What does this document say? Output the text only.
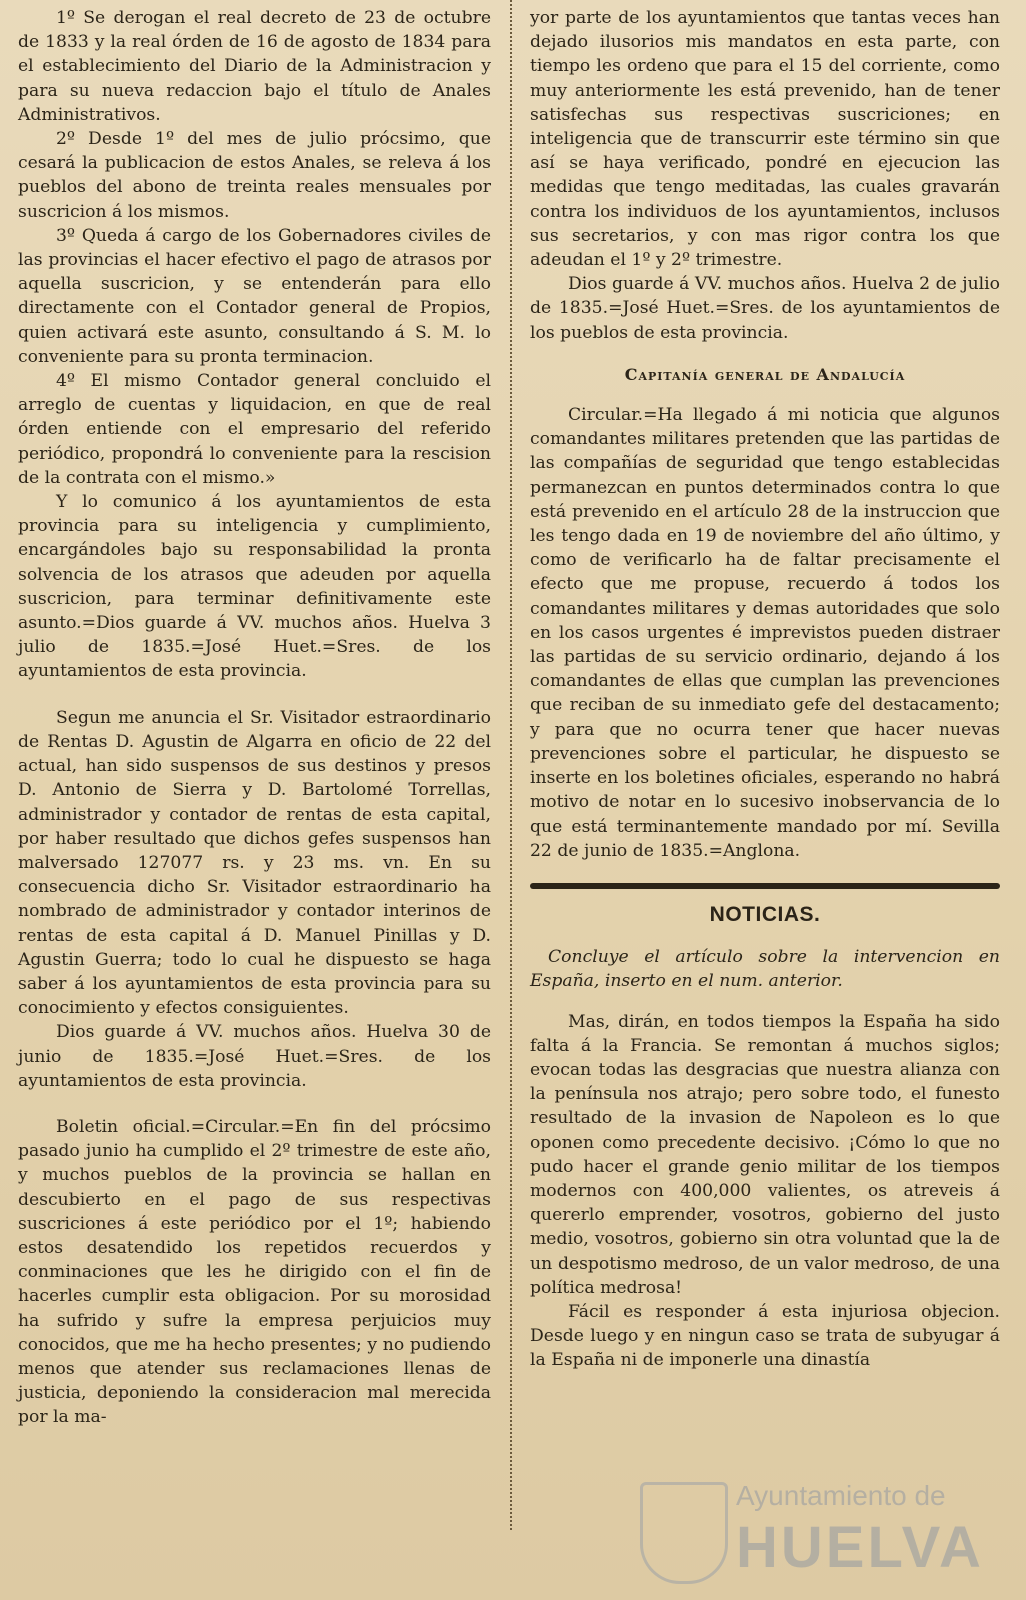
1º Se derogan el real decreto de 23 de octubre de 1833 y la real órden de 16 de agosto de 1834 para el establecimiento del Diario de la Administracion y para su nueva redaccion bajo el título de Anales Administrativos.

2º Desde 1º del mes de julio prócsimo, que cesará la publicacion de estos Anales, se releva á los pueblos del abono de treinta reales mensuales por suscricion á los mismos.

3º Queda á cargo de los Gobernadores civiles de las provincias el hacer efectivo el pago de atrasos por aquella suscricion, y se entenderán para ello directamente con el Contador general de Propios, quien activará este asunto, consultando á S. M. lo conveniente para su pronta terminacion.

4º El mismo Contador general concluido el arreglo de cuentas y liquidacion, en que de real órden entiende con el empresario del referido periódico, propondrá lo conveniente para la rescision de la contrata con el mismo.»

Y lo comunico á los ayuntamientos de esta provincia para su inteligencia y cumplimiento, encargándoles bajo su responsabilidad la pronta solvencia de los atrasos que adeuden por aquella suscricion, para terminar definitivamente este asunto.=Dios guarde á VV. muchos años. Huelva 3 julio de 1835.=José Huet.=Sres. de los ayuntamientos de esta provincia.

Segun me anuncia el Sr. Visitador estraordinario de Rentas D. Agustin de Algarra en oficio de 22 del actual, han sido suspensos de sus destinos y presos D. Antonio de Sierra y D. Bartolomé Torrellas, administrador y contador de rentas de esta capital, por haber resultado que dichos gefes suspensos han malversado 127077 rs. y 23 ms. vn. En su consecuencia dicho Sr. Visitador estraordinario ha nombrado de administrador y contador interinos de rentas de esta capital á D. Manuel Pinillas y D. Agustin Guerra; todo lo cual he dispuesto se haga saber á los ayuntamientos de esta provincia para su conocimiento y efectos consiguientes.

Dios guarde á VV. muchos años. Huelva 30 de junio de 1835.=José Huet.=Sres. de los ayuntamientos de esta provincia.

Boletin oficial.=Circular.=En fin del prócsimo pasado junio ha cumplido el 2º trimestre de este año, y muchos pueblos de la provincia se hallan en descubierto en el pago de sus respectivas suscriciones á este periódico por el 1º; habiendo estos desatendido los repetidos recuerdos y conminaciones que les he dirigido con el fin de hacerles cumplir esta obligacion. Por su morosidad ha sufrido y sufre la empresa perjuicios muy conocidos, que me ha hecho presentes; y no pudiendo menos que atender sus reclamaciones llenas de justicia, deponiendo la consideracion mal merecida por la ma-

yor parte de los ayuntamientos que tantas veces han dejado ilusorios mis mandatos en esta parte, con tiempo les ordeno que para el 15 del corriente, como muy anteriormente les está prevenido, han de tener satisfechas sus respectivas suscriciones; en inteligencia que de transcurrir este término sin que así se haya verificado, pondré en ejecucion las medidas que tengo meditadas, las cuales gravarán contra los individuos de los ayuntamientos, inclusos sus secretarios, y con mas rigor contra los que adeudan el 1º y 2º trimestre.

Dios guarde á VV. muchos años. Huelva 2 de julio de 1835.=José Huet.=Sres. de los ayuntamientos de los pueblos de esta provincia.

Capitanía general de Andalucía

Circular.=Ha llegado á mi noticia que algunos comandantes militares pretenden que las partidas de las compañías de seguridad que tengo establecidas permanezcan en puntos determinados contra lo que está prevenido en el artículo 28 de la instruccion que les tengo dada en 19 de noviembre del año último, y como de verificarlo ha de faltar precisamente el efecto que me propuse, recuerdo á todos los comandantes militares y demas autoridades que solo en los casos urgentes é imprevistos pueden distraer las partidas de su servicio ordinario, dejando á los comandantes de ellas que cumplan las prevenciones que reciban de su inmediato gefe del destacamento; y para que no ocurra tener que hacer nuevas prevenciones sobre el particular, he dispuesto se inserte en los boletines oficiales, esperando no habrá motivo de notar en lo sucesivo inobservancia de lo que está terminantemente mandado por mí. Sevilla 22 de junio de 1835.=Anglona.

NOTICIAS.

Concluye el artículo sobre la intervencion en España, inserto en el num. anterior.

Mas, dirán, en todos tiempos la España ha sido falta á la Francia. Se remontan á muchos siglos; evocan todas las desgracias que nuestra alianza con la península nos atrajo; pero sobre todo, el funesto resultado de la invasion de Napoleon es lo que oponen como precedente decisivo. ¡Cómo lo que no pudo hacer el grande genio militar de los tiempos modernos con 400,000 valientes, os atreveis á quererlo emprender, vosotros, gobierno del justo medio, vosotros, gobierno sin otra voluntad que la de un despotismo medroso, de un valor medroso, de una política medrosa!

Fácil es responder á esta injuriosa objecion. Desde luego y en ningun caso se trata de subyugar á la España ni de imponerle una dinastía

Ayuntamiento de
HUELVA
